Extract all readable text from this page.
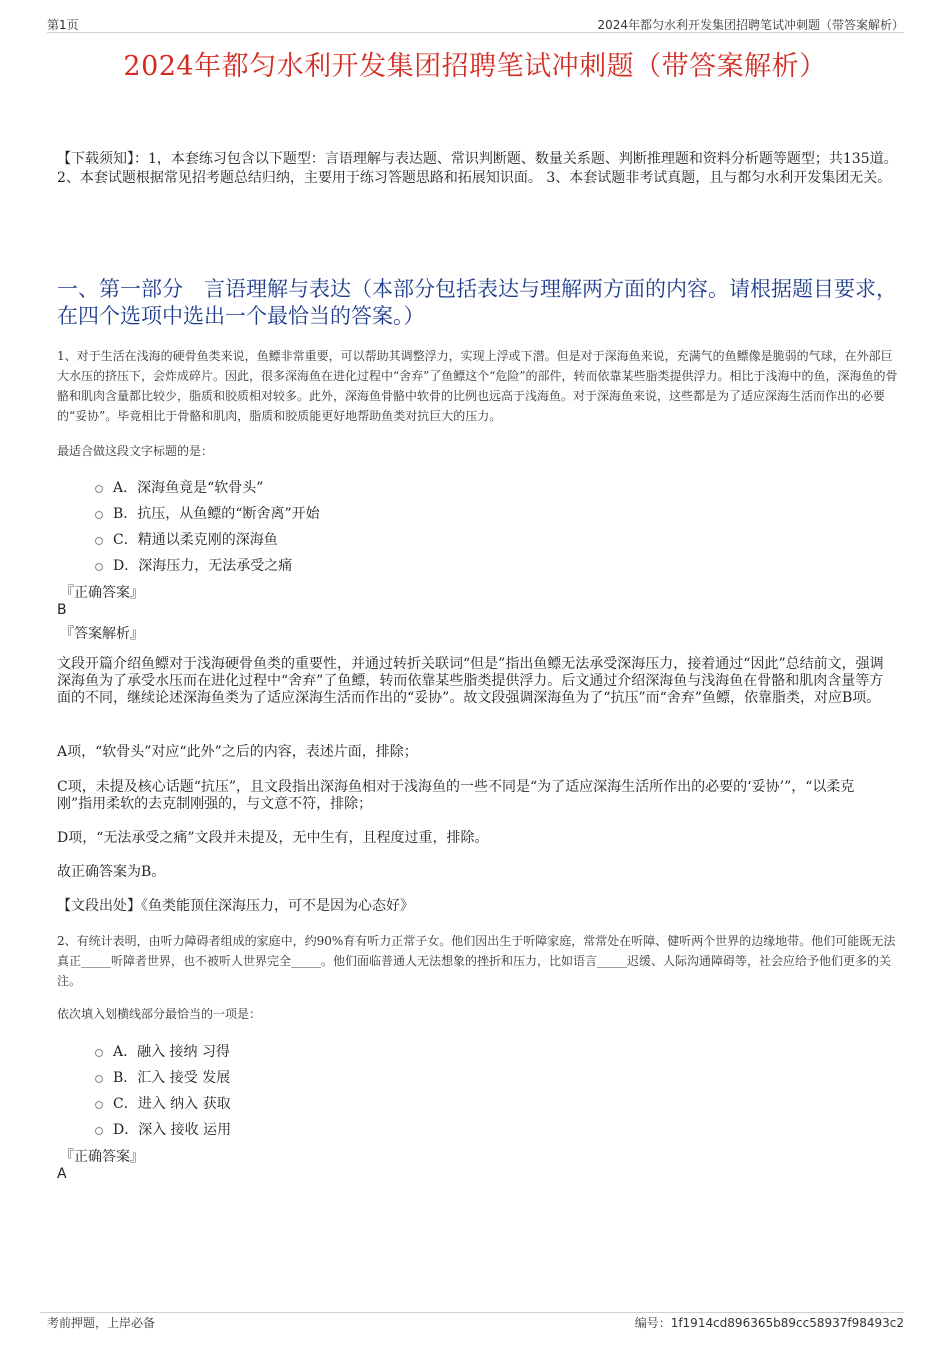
第1页	2024年都匀水利开发集团招聘笔试冲刺题（带答案解析）
2024年都匀水利开发集团招聘笔试冲刺题（带答案解析）
【下载须知】：1，本套练习包含以下题型：言语理解与表达题、常识判断题、数量关系题、判断推理题和资料分析题等题型；共135道。 2、本套试题根据常见招考题总结归纳，主要用于练习答题思路和拓展知识面。 3、本套试题非考试真题，且与都匀水利开发集团无关。
一、第一部分　言语理解与表达（本部分包括表达与理解两方面的内容。请根据题目要求，在四个选项中选出一个最恰当的答案。）
1、对于生活在浅海的硬骨鱼类来说，鱼鳔非常重要，可以帮助其调整浮力，实现上浮或下潜。但是对于深海鱼来说，充满气的鱼鳔像是脆弱的气球，在外部巨大水压的挤压下，会炸成碎片。因此，很多深海鱼在进化过程中“舍弃”了鱼鳔这个“危险”的部件，转而依靠某些脂类提供浮力。相比于浅海中的鱼，深海鱼的骨骼和肌肉含量都比较少，脂质和胶质相对较多。此外，深海鱼骨骼中软骨的比例也远高于浅海鱼。对于深海鱼来说，这些都是为了适应深海生活而作出的必要的“妥协”。毕竟相比于骨骼和肌肉，脂质和胶质能更好地帮助鱼类对抗巨大的压力。
最适合做这段文字标题的是：
A．深海鱼竟是“软骨头”
B．抗压，从鱼鳔的“断舍离”开始
C．精通以柔克刚的深海鱼
D．深海压力，无法承受之痛
『正确答案』
B
『答案解析』
文段开篇介绍鱼鳔对于浅海硬骨鱼类的重要性，并通过转折关联词“但是”指出鱼鳔无法承受深海压力，接着通过“因此”总结前文，强调深海鱼为了承受水压而在进化过程中“舍弃”了鱼鳔，转而依靠某些脂类提供浮力。后文通过介绍深海鱼与浅海鱼在骨骼和肌肉含量等方面的不同，继续论述深海鱼类为了适应深海生活而作出的“妥协”。故文段强调深海鱼为了“抗压”而“舍弃”鱼鳔，依靠脂类，对应B项。
A项，“软骨头”对应“此外”之后的内容，表述片面，排除；
C项，未提及核心话题“抗压”，且文段指出深海鱼相对于浅海鱼的一些不同是“为了适应深海生活所作出的必要的‘妥协’”，“以柔克刚”指用柔软的去克制刚强的，与文意不符，排除；
D项，“无法承受之痛”文段并未提及，无中生有，且程度过重，排除。
故正确答案为B。
【文段出处】《鱼类能顶住深海压力，可不是因为心态好》
2、有统计表明，由听力障碍者组成的家庭中，约90%育有听力正常子女。他们因出生于听障家庭，常常处在听障、健听两个世界的边缘地带。他们可能既无法真正_____听障者世界，也不被听人世界完全_____。他们面临普通人无法想象的挫折和压力，比如语言_____迟缓、人际沟通障碍等，社会应给予他们更多的关注。
依次填入划横线部分最恰当的一项是：
A．融入 接纳 习得
B．汇入 接受 发展
C．进入 纳入 获取
D．深入 接收 运用
『正确答案』
A
考前押题，上岸必备	编号：1f1914cd896365b89cc58937f98493c2
